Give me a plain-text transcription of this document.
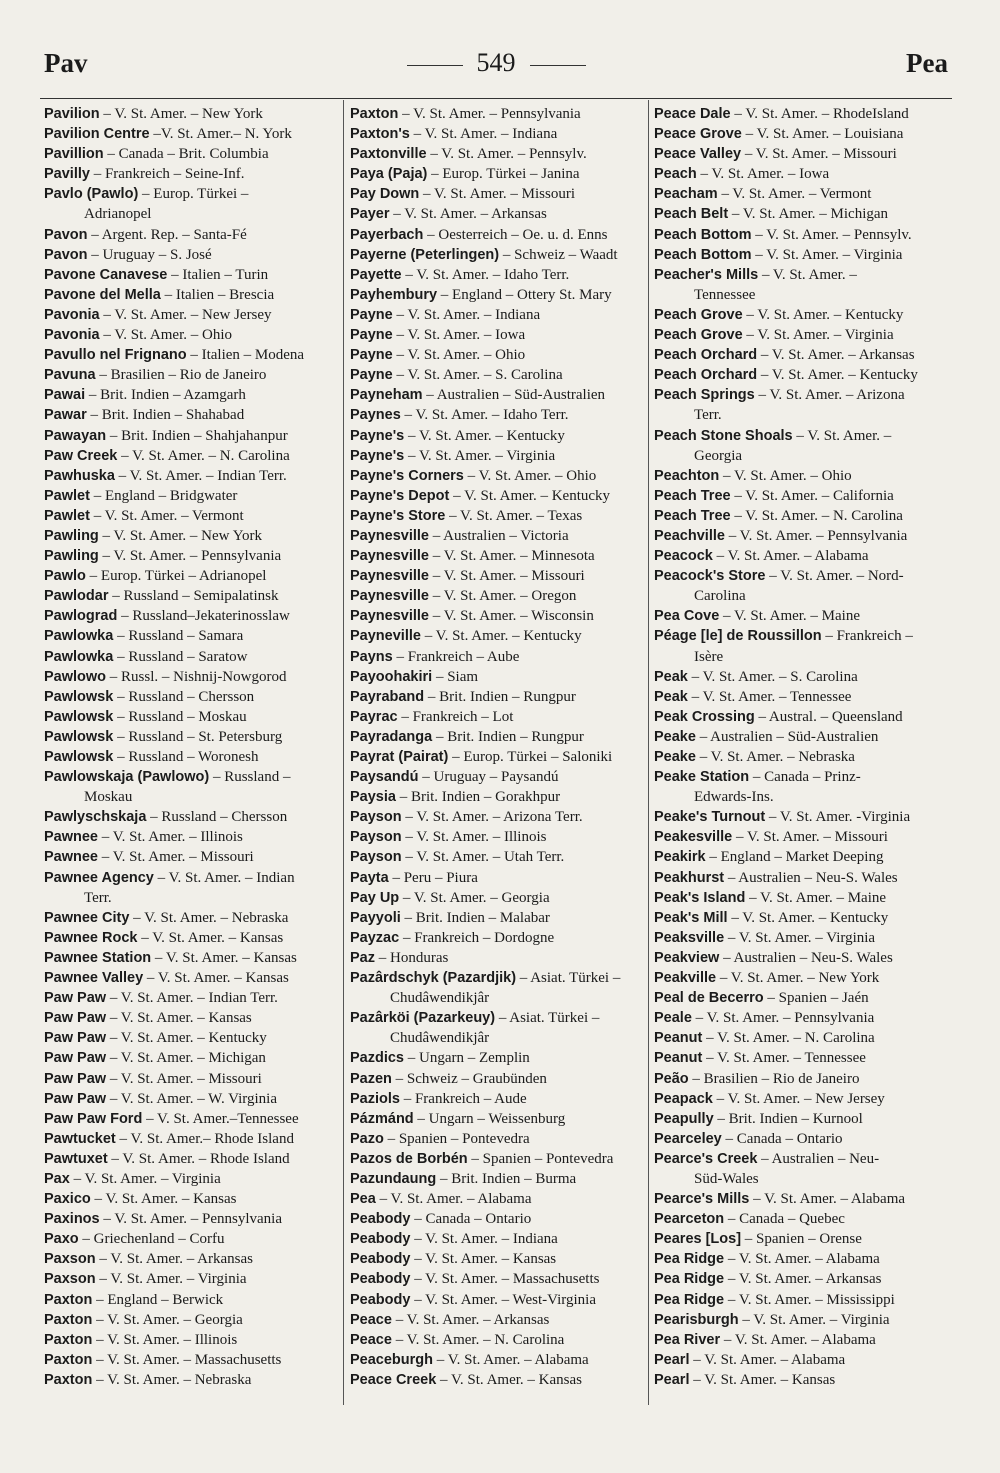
Pav	549	Pea
Pavilion – V. St. Amer. – New York
Pavilion Centre –V. St. Amer.– N. York
Pavillion – Canada – Brit. Columbia
Pavilly – Frankreich – Seine-Inf.
Pavlo (Pawlo) – Europ. Türkei –
Adrianopel
Pavon – Argent. Rep. – Santa-Fé
Pavon – Uruguay – S. José
Pavone Canavese – Italien – Turin
Pavone del Mella – Italien – Brescia
Pavonia – V. St. Amer. – New Jersey
Pavonia – V. St. Amer. – Ohio
Pavullo nel Frignano – Italien – Modena
Pavuna – Brasilien – Rio de Janeiro
Pawai – Brit. Indien – Azamgarh
Pawar – Brit. Indien – Shahabad
Pawayan – Brit. Indien – Shahjahanpur
Paw Creek – V. St. Amer. – N. Carolina
Pawhuska – V. St. Amer. – Indian Terr.
Pawlet – England – Bridgwater
Pawlet – V. St. Amer. – Vermont
Pawling – V. St. Amer. – New York
Pawling – V. St. Amer. – Pennsylvania
Pawlo – Europ. Türkei – Adrianopel
Pawlodar – Russland – Semipalatinsk
Pawlograd – Russland–Jekaterinosslaw
Pawlowka – Russland – Samara
Pawlowka – Russland – Saratow
Pawlowo – Russl. – Nishnij-Nowgorod
Pawlowsk – Russland – Chersson
Pawlowsk – Russland – Moskau
Pawlowsk – Russland – St. Petersburg
Pawlowsk – Russland – Woronesh
Pawlowskaja (Pawlowo) – Russland –
Moskau
Pawlyschskaja – Russland – Chersson
Pawnee – V. St. Amer. – Illinois
Pawnee – V. St. Amer. – Missouri
Pawnee Agency – V. St. Amer. – Indian
Terr.
Pawnee City – V. St. Amer. – Nebraska
Pawnee Rock – V. St. Amer. – Kansas
Pawnee Station – V. St. Amer. – Kansas
Pawnee Valley – V. St. Amer. – Kansas
Paw Paw – V. St. Amer. – Indian Terr.
Paw Paw – V. St. Amer. – Kansas
Paw Paw – V. St. Amer. – Kentucky
Paw Paw – V. St. Amer. – Michigan
Paw Paw – V. St. Amer. – Missouri
Paw Paw – V. St. Amer. – W. Virginia
Paw Paw Ford – V. St. Amer.–Tennessee
Pawtucket – V. St. Amer.– Rhode Island
Pawtuxet – V. St. Amer. – Rhode Island
Pax – V. St. Amer. – Virginia
Paxico – V. St. Amer. – Kansas
Paxinos – V. St. Amer. – Pennsylvania
Paxo – Griechenland – Corfu
Paxson – V. St. Amer. – Arkansas
Paxson – V. St. Amer. – Virginia
Paxton – England – Berwick
Paxton – V. St. Amer. – Georgia
Paxton – V. St. Amer. – Illinois
Paxton – V. St. Amer. – Massachusetts
Paxton – V. St. Amer. – Nebraska
Paxton – V. St. Amer. – Pennsylvania
Paxton's – V. St. Amer. – Indiana
Paxtonville – V. St. Amer. – Pennsylv.
Paya (Paja) – Europ. Türkei – Janina
Pay Down – V. St. Amer. – Missouri
Payer – V. St. Amer. – Arkansas
Payerbach – Oesterreich – Oe. u. d. Enns
Payerne (Peterlingen) – Schweiz – Waadt
Payette – V. St. Amer. – Idaho Terr.
Payhembury – England – Ottery St. Mary
Payne – V. St. Amer. – Indiana
Payne – V. St. Amer. – Iowa
Payne – V. St. Amer. – Ohio
Payne – V. St. Amer. – S. Carolina
Payneham – Australien – Süd-Australien
Paynes – V. St. Amer. – Idaho Terr.
Payne's – V. St. Amer. – Kentucky
Payne's – V. St. Amer. – Virginia
Payne's Corners – V. St. Amer. – Ohio
Payne's Depot – V. St. Amer. – Kentucky
Payne's Store – V. St. Amer. – Texas
Paynesville – Australien – Victoria
Paynesville – V. St. Amer. – Minnesota
Paynesville – V. St. Amer. – Missouri
Paynesville – V. St. Amer. – Oregon
Paynesville – V. St. Amer. – Wisconsin
Payneville – V. St. Amer. – Kentucky
Payns – Frankreich – Aube
Payoohakiri – Siam
Payraband – Brit. Indien – Rungpur
Payrac – Frankreich – Lot
Payradanga – Brit. Indien – Rungpur
Payrat (Pairat) – Europ. Türkei – Saloniki
Paysandú – Uruguay – Paysandú
Paysia – Brit. Indien – Gorakhpur
Payson – V. St. Amer. – Arizona Terr.
Payson – V. St. Amer. – Illinois
Payson – V. St. Amer. – Utah Terr.
Payta – Peru – Piura
Pay Up – V. St. Amer. – Georgia
Payyoli – Brit. Indien – Malabar
Payzac – Frankreich – Dordogne
Paz – Honduras
Pazârdschyk (Pazardjik) – Asiat. Türkei –
Chudâwendikjâr
Pazârköi (Pazarkeuy) – Asiat. Türkei –
Chudâwendikjâr
Pazdics – Ungarn – Zemplin
Pazen – Schweiz – Graubünden
Paziols – Frankreich – Aude
Pázmánd – Ungarn – Weissenburg
Pazo – Spanien – Pontevedra
Pazos de Borbén – Spanien – Pontevedra
Pazundaung – Brit. Indien – Burma
Pea – V. St. Amer. – Alabama
Peabody – Canada – Ontario
Peabody – V. St. Amer. – Indiana
Peabody – V. St. Amer. – Kansas
Peabody – V. St. Amer. – Massachusetts
Peabody – V. St. Amer. – West-Virginia
Peace – V. St. Amer. – Arkansas
Peace – V. St. Amer. – N. Carolina
Peaceburgh – V. St. Amer. – Alabama
Peace Creek – V. St. Amer. – Kansas
Peace Dale – V. St. Amer. – RhodeIsland
Peace Grove – V. St. Amer. – Louisiana
Peace Valley – V. St. Amer. – Missouri
Peach – V. St. Amer. – Iowa
Peacham – V. St. Amer. – Vermont
Peach Belt – V. St. Amer. – Michigan
Peach Bottom – V. St. Amer. – Pennsylv.
Peach Bottom – V. St. Amer. – Virginia
Peacher's Mills – V. St. Amer. –
Tennessee
Peach Grove – V. St. Amer. – Kentucky
Peach Grove – V. St. Amer. – Virginia
Peach Orchard – V. St. Amer. – Arkansas
Peach Orchard – V. St. Amer. – Kentucky
Peach Springs – V. St. Amer. – Arizona
Terr.
Peach Stone Shoals – V. St. Amer. –
Georgia
Peachton – V. St. Amer. – Ohio
Peach Tree – V. St. Amer. – California
Peach Tree – V. St. Amer. – N. Carolina
Peachville – V. St. Amer. – Pennsylvania
Peacock – V. St. Amer. – Alabama
Peacock's Store – V. St. Amer. – Nord-
Carolina
Pea Cove – V. St. Amer. – Maine
Péage [le] de Roussillon – Frankreich –
Isère
Peak – V. St. Amer. – S. Carolina
Peak – V. St. Amer. – Tennessee
Peak Crossing – Austral. – Queensland
Peake – Australien – Süd-Australien
Peake – V. St. Amer. – Nebraska
Peake Station – Canada – Prinz-
Edwards-Ins.
Peake's Turnout – V. St. Amer. -Virginia
Peakesville – V. St. Amer. – Missouri
Peakirk – England – Market Deeping
Peakhurst – Australien – Neu-S. Wales
Peak's Island – V. St. Amer. – Maine
Peak's Mill – V. St. Amer. – Kentucky
Peaksville – V. St. Amer. – Virginia
Peakview – Australien – Neu-S. Wales
Peakville – V. St. Amer. – New York
Peal de Becerro – Spanien – Jaén
Peale – V. St. Amer. – Pennsylvania
Peanut – V. St. Amer. – N. Carolina
Peanut – V. St. Amer. – Tennessee
Peão – Brasilien – Rio de Janeiro
Peapack – V. St. Amer. – New Jersey
Peapully – Brit. Indien – Kurnool
Pearceley – Canada – Ontario
Pearce's Creek – Australien – Neu-
Süd-Wales
Pearce's Mills – V. St. Amer. – Alabama
Pearceton – Canada – Quebec
Peares [Los] – Spanien – Orense
Pea Ridge – V. St. Amer. – Alabama
Pea Ridge – V. St. Amer. – Arkansas
Pea Ridge – V. St. Amer. – Mississippi
Pearisburgh – V. St. Amer. – Virginia
Pea River – V. St. Amer. – Alabama
Pearl – V. St. Amer. – Alabama
Pearl – V. St. Amer. – Kansas
